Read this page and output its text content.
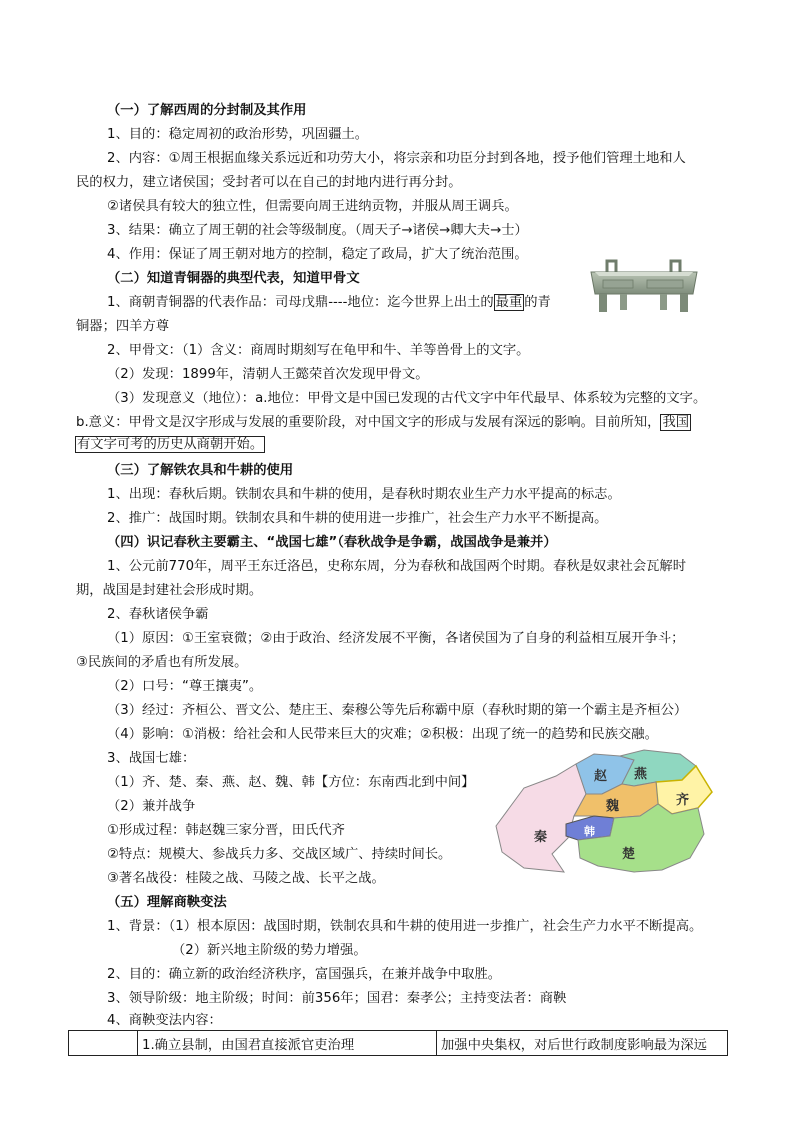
（一）了解西周的分封制及其作用
1、目的：稳定周初的政治形势，巩固疆土。
2、内容：①周王根据血缘关系远近和功劳大小，将宗亲和功臣分封到各地，授予他们管理土地和人
民的权力，建立诸侯国；受封者可以在自己的封地内进行再分封。
②诸侯具有较大的独立性，但需要向周王进纳贡物，并服从周王调兵。
3、结果：确立了周王朝的社会等级制度。（周天子→诸侯→卿大夫→士）
4、作用：保证了周王朝对地方的控制，稳定了政局，扩大了统治范围。
（二）知道青铜器的典型代表，知道甲骨文
1、商朝青铜器的代表作品：司母戊鼎----地位：迄今世界上出土的 最重 的青
铜器；四羊方尊
2、甲骨文：（1）含义：商周时期刻写在龟甲和牛、羊等兽骨上的文字。
（2）发现：1899年，清朝人王懿荣首次发现甲骨文。
（3）发现意义（地位）：a.地位：甲骨文是中国已发现的古代文字中年代最早、体系较为完整的文字。
b.意义：甲骨文是汉字形成与发展的重要阶段，对中国文字的形成与发展有深远的影响。目前所知， 我国
有文字可考的历史从商朝开始。
（三）了解铁农具和牛耕的使用
1、出现：春秋后期。铁制农具和牛耕的使用，是春秋时期农业生产力水平提高的标志。
2、推广：战国时期。铁制农具和牛耕的使用进一步推广，社会生产力水平不断提高。
（四）识记春秋主要霸主、“战国七雄”（春秋战争是争霸，战国战争是兼并）
1、公元前770年，周平王东迁洛邑，史称东周，分为春秋和战国两个时期。春秋是奴隶社会瓦解时
期，战国是封建社会形成时期。
2、春秋诸侯争霸
（1）原因：①王室衰微；②由于政治、经济发展不平衡，各诸侯国为了自身的利益相互展开争斗；
③民族间的矛盾也有所发展。
（2）口号：“尊王攘夷”。
（3）经过：齐桓公、晋文公、楚庄王、秦穆公等先后称霸中原（春秋时期的第一个霸主是齐桓公）
（4）影响：①消极：给社会和人民带来巨大的灾难；②积极：出现了统一的趋势和民族交融。
3、战国七雄：
（1）齐、楚、秦、燕、赵、魏、韩【方位：东南西北到中间】
（2）兼并战争
①形成过程：韩赵魏三家分晋，田氏代齐
②特点：规模大、参战兵力多、交战区域广、持续时间长。
③著名战役：桂陵之战、马陵之战、长平之战。
赵 燕
齐
魏
秦	韩
楚
（五）理解商鞅变法
1、背景：（1）根本原因：战国时期，铁制农具和牛耕的使用进一步推广，社会生产力水平不断提高。
（2）新兴地主阶级的势力增强。
2、目的：确立新的政治经济秩序，富国强兵，在兼并战争中取胜。
3、领导阶级：地主阶级；时间：前356年；国君：秦孝公；主持变法者：商鞅
4、商鞅变法内容：
	1.确立县制，由国君直接派官吏治理	加强中央集权，对后世行政制度影响最为深远
